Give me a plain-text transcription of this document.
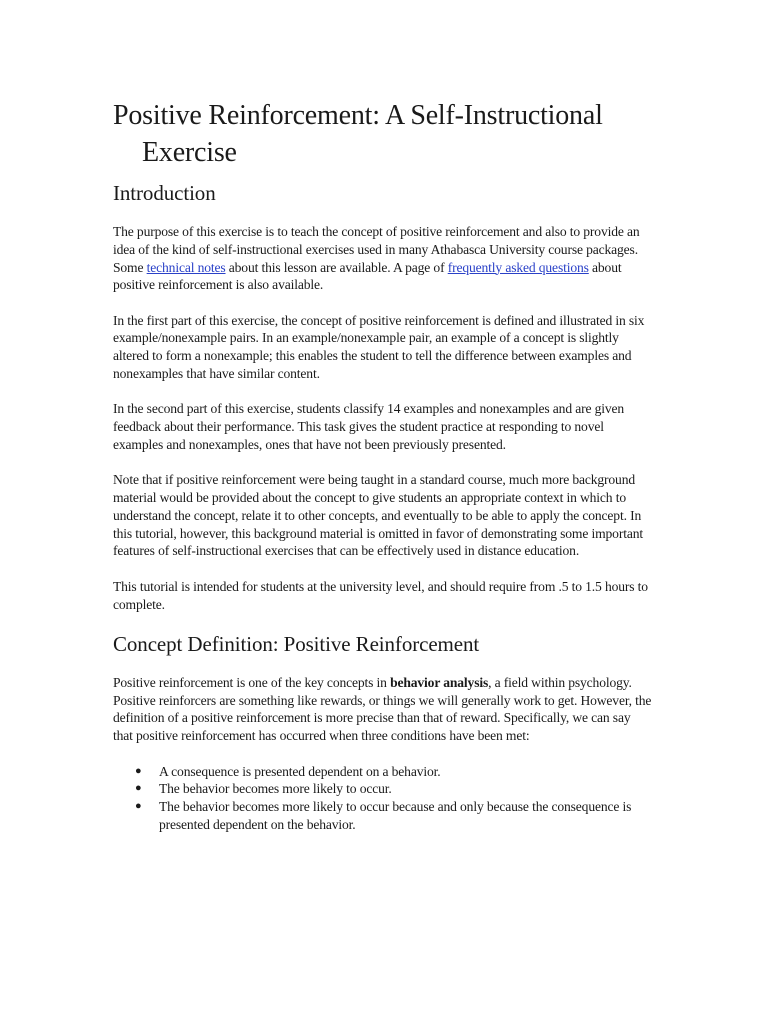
Positive Reinforcement: A Self-Instructional Exercise
Introduction

The purpose of this exercise is to teach the concept of positive reinforcement and also to provide an idea of the kind of self-instructional exercises used in many Athabasca University course packages. Some technical notes about this lesson are available. A page of frequently asked questions about positive reinforcement is also available.

In the first part of this exercise, the concept of positive reinforcement is defined and illustrated in six example/nonexample pairs. In an example/nonexample pair, an example of a concept is slightly altered to form a nonexample; this enables the student to tell the difference between examples and nonexamples that have similar content.

In the second part of this exercise, students classify 14 examples and nonexamples and are given feedback about their performance. This task gives the student practice at responding to novel examples and nonexamples, ones that have not been previously presented.

Note that if positive reinforcement were being taught in a standard course, much more background material would be provided about the concept to give students an appropriate context in which to understand the concept, relate it to other concepts, and eventually to be able to apply the concept. In this tutorial, however, this background material is omitted in favor of demonstrating some important features of self-instructional exercises that can be effectively used in distance education.

This tutorial is intended for students at the university level, and should require from .5 to 1.5 hours to complete.

Concept Definition: Positive Reinforcement

Positive reinforcement is one of the key concepts in behavior analysis, a field within psychology. Positive reinforcers are something like rewards, or things we will generally work to get. However, the definition of a positive reinforcement is more precise than that of reward. Specifically, we can say that positive reinforcement has occurred when three conditions have been met:

● A consequence is presented dependent on a behavior.
● The behavior becomes more likely to occur.
● The behavior becomes more likely to occur because and only because the consequence is presented dependent on the behavior.
